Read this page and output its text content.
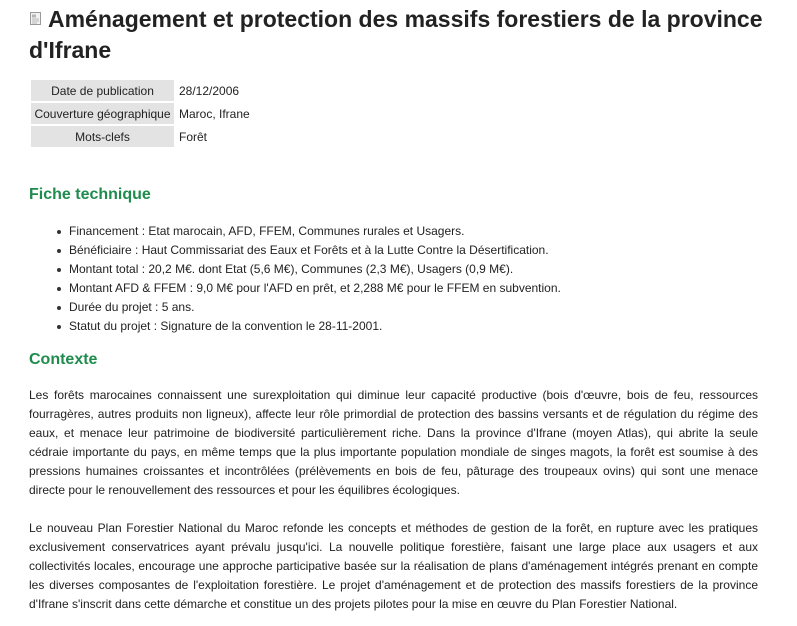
Aménagement et protection des massifs forestiers de la province d'Ifrane
Date de publication	28/12/2006
Couverture géographique	Maroc, Ifrane
Mots-clefs	Forêt
Fiche technique
Financement : Etat marocain, AFD, FFEM, Communes rurales et Usagers.
Bénéficiaire : Haut Commissariat des Eaux et Forêts et à la Lutte Contre la Désertification.
Montant total : 20,2 M€. dont Etat (5,6 M€), Communes (2,3 M€), Usagers (0,9 M€).
Montant AFD & FFEM : 9,0 M€ pour l'AFD en prêt, et 2,288 M€ pour le FFEM en subvention.
Durée du projet : 5 ans.
Statut du projet : Signature de la convention le 28-11-2001.
Contexte

Les forêts marocaines connaissent une surexploitation qui diminue leur capacité productive (bois d'œuvre, bois de feu, ressources fourragères, autres produits non ligneux), affecte leur rôle primordial de protection des bassins versants et de régulation du régime des eaux, et menace leur patrimoine de biodiversité particulièrement riche. Dans la province d'Ifrane (moyen Atlas), qui abrite la seule cédraie importante du pays, en même temps que la plus importante population mondiale de singes magots, la forêt est soumise à des pressions humaines croissantes et incontrôlées (prélèvements en bois de feu, pâturage des troupeaux ovins) qui sont une menace directe pour le renouvellement des ressources et pour les équilibres écologiques.

Le nouveau Plan Forestier National du Maroc refonde les concepts et méthodes de gestion de la forêt, en rupture avec les pratiques exclusivement conservatrices ayant prévalu jusqu'ici. La nouvelle politique forestière, faisant une large place aux usagers et aux collectivités locales, encourage une approche participative basée sur la réalisation de plans d'aménagement intégrés prenant en compte les diverses composantes de l'exploitation forestière. Le projet d'aménagement et de protection des massifs forestiers de la province d'Ifrane s'inscrit dans cette démarche et constitue un des projets pilotes pour la mise en œuvre du Plan Forestier National.
